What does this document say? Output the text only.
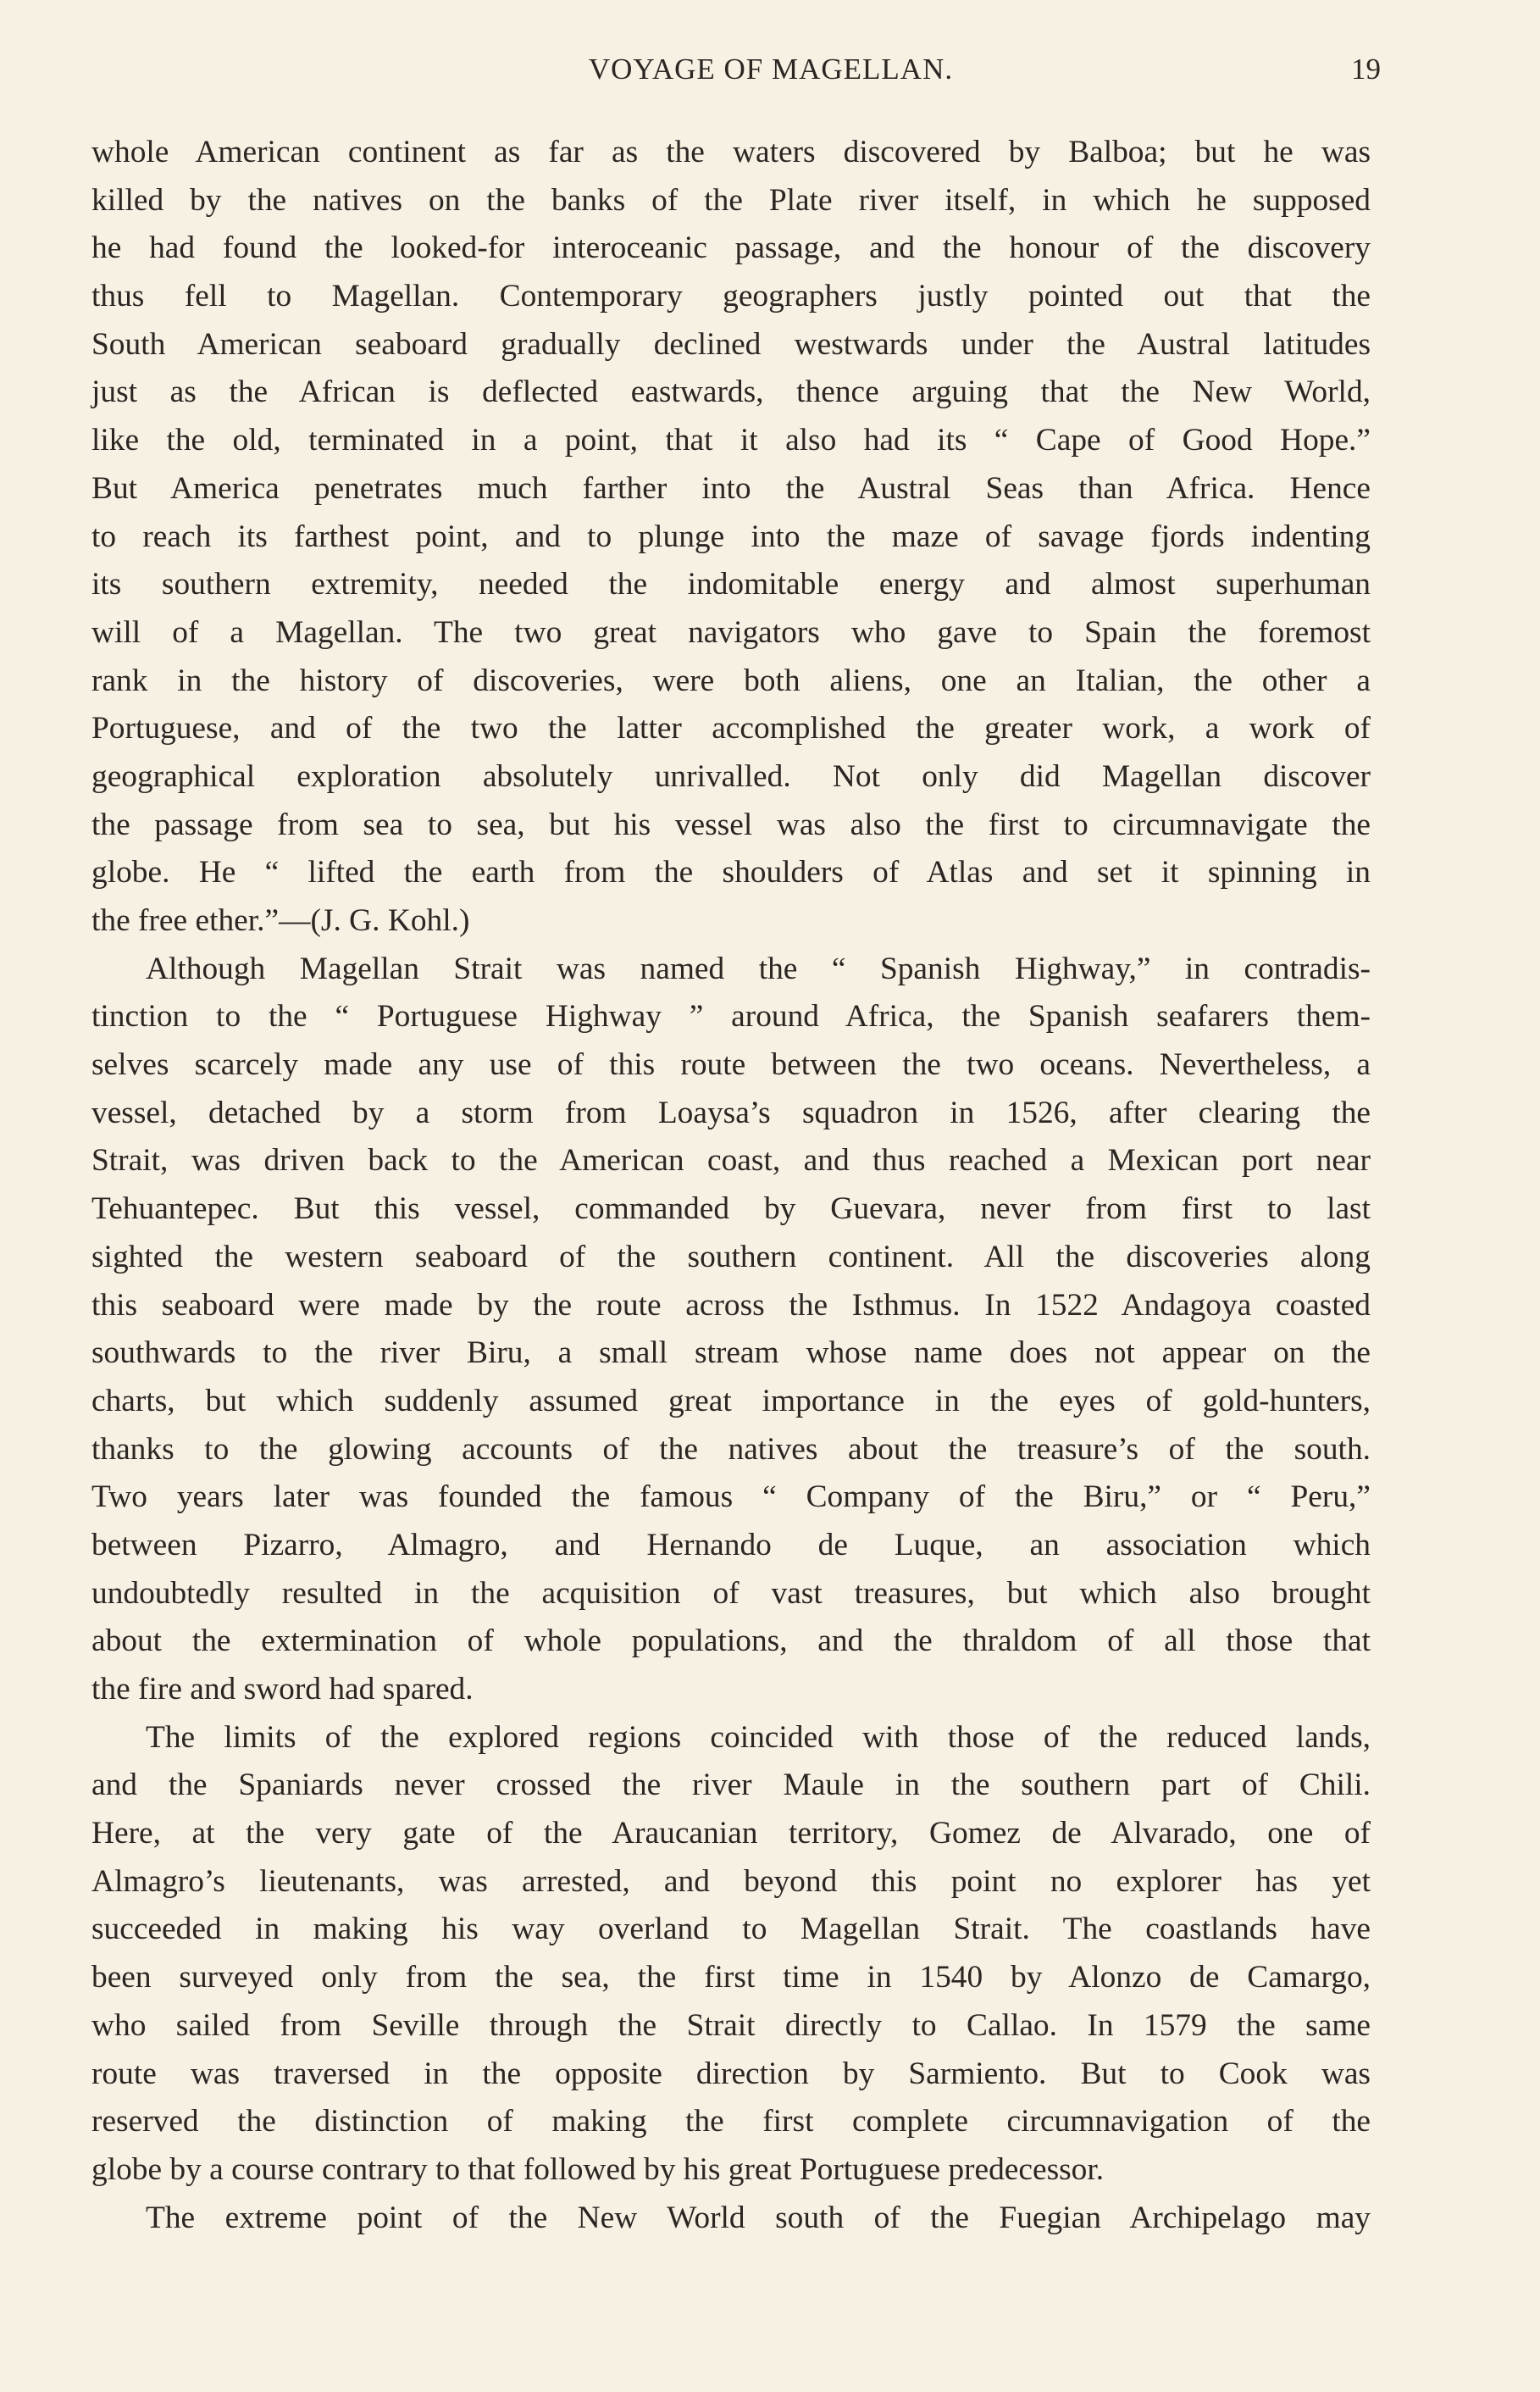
VOYAGE OF MAGELLAN.	19
whole American continent as far as the waters discovered by Balboa; but he was
killed by the natives on the banks of the Plate river itself, in which he supposed
he had found the looked-for interoceanic passage, and the honour of the discovery
thus fell to Magellan. Contemporary geographers justly pointed out that the
South American seaboard gradually declined westwards under the Austral latitudes
just as the African is deflected eastwards, thence arguing that the New World,
like the old, terminated in a point, that it also had its “ Cape of Good Hope.”
But America penetrates much farther into the Austral Seas than Africa. Hence
to reach its farthest point, and to plunge into the maze of savage fjords indenting
its southern extremity, needed the indomitable energy and almost superhuman
will of a Magellan. The two great navigators who gave to Spain the foremost
rank in the history of discoveries, were both aliens, one an Italian, the other a
Portuguese, and of the two the latter accomplished the greater work, a work of
geographical exploration absolutely unrivalled. Not only did Magellan discover
the passage from sea to sea, but his vessel was also the first to circumnavigate the
globe. He “ lifted the earth from the shoulders of Atlas and set it spinning in
the free ether.”—(J. G. Kohl.)
Although Magellan Strait was named the “ Spanish Highway,” in contradis-
tinction to the “ Portuguese Highway ” around Africa, the Spanish seafarers them-
selves scarcely made any use of this route between the two oceans. Nevertheless, a
vessel, detached by a storm from Loaysa’s squadron in 1526, after clearing the
Strait, was driven back to the American coast, and thus reached a Mexican port near
Tehuantepec. But this vessel, commanded by Guevara, never from first to last
sighted the western seaboard of the southern continent. All the discoveries along
this seaboard were made by the route across the Isthmus. In 1522 Andagoya coasted
southwards to the river Biru, a small stream whose name does not appear on the
charts, but which suddenly assumed great importance in the eyes of gold-hunters,
thanks to the glowing accounts of the natives about the treasure’s of the south.
Two years later was founded the famous “ Company of the Biru,” or “ Peru,”
between Pizarro, Almagro, and Hernando de Luque, an association which
undoubtedly resulted in the acquisition of vast treasures, but which also brought
about the extermination of whole populations, and the thraldom of all those that
the fire and sword had spared.
The limits of the explored regions coincided with those of the reduced lands,
and the Spaniards never crossed the river Maule in the southern part of Chili.
Here, at the very gate of the Araucanian territory, Gomez de Alvarado, one of
Almagro’s lieutenants, was arrested, and beyond this point no explorer has yet
succeeded in making his way overland to Magellan Strait. The coastlands have
been surveyed only from the sea, the first time in 1540 by Alonzo de Camargo,
who sailed from Seville through the Strait directly to Callao. In 1579 the same
route was traversed in the opposite direction by Sarmiento. But to Cook was
reserved the distinction of making the first complete circumnavigation of the
globe by a course contrary to that followed by his great Portuguese predecessor.
The extreme point of the New World south of the Fuegian Archipelago may
